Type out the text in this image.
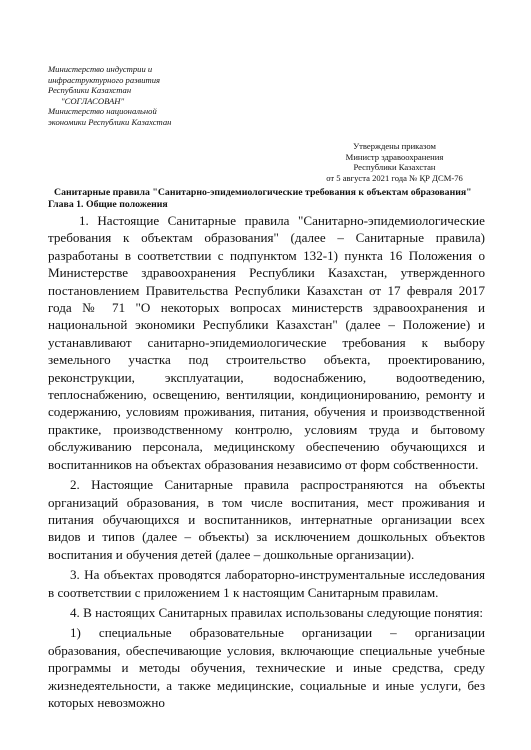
Министерство индустрии и
инфраструктурного развития
Республики Казахстан
"СОГЛАСОВАН"
Министерство национальной
экономики Республики Казахстан
Утверждены приказом
Министр здравоохранения
Республики Казахстан
от 5 августа 2021 года № ҚР ДСМ-76
Санитарные правила "Санитарно-эпидемиологические требования к объектам образования"
Глава 1. Общие положения

1. Настоящие Санитарные правила "Санитарно-эпидемиологические требования к объектам образования" (далее – Санитарные правила) разработаны в соответствии с подпунктом 132-1) пункта 16 Положения о Министерстве здравоохранения Республики Казахстан, утвержденного постановлением Правительства Республики Казахстан от 17 февраля 2017 года № 71 "О некоторых вопросах министерств здравоохранения и национальной экономики Республики Казахстан" (далее – Положение) и устанавливают санитарно-эпидемиологические требования к выбору земельного участка под строительство объекта, проектированию, реконструкции, эксплуатации, водоснабжению, водоотведению, теплоснабжению, освещению, вентиляции, кондиционированию, ремонту и содержанию, условиям проживания, питания, обучения и производственной практике, производственному контролю, условиям труда и бытовому обслуживанию персонала, медицинскому обеспечению обучающихся и воспитанников на объектах образования независимо от форм собственности.

2. Настоящие Санитарные правила распространяются на объекты организаций образования, в том числе воспитания, мест проживания и питания обучающихся и воспитанников, интернатные организации всех видов и типов (далее – объекты) за исключением дошкольных объектов воспитания и обучения детей (далее – дошкольные организации).

3. На объектах проводятся лабораторно-инструментальные исследования в соответствии с приложением 1 к настоящим Санитарным правилам.

4. В настоящих Санитарных правилах использованы следующие понятия:

1) специальные образовательные организации – организации образования, обеспечивающие условия, включающие специальные учебные программы и методы обучения, технические и иные средства, среду жизнедеятельности, а также медицинские, социальные и иные услуги, без которых невозможно
